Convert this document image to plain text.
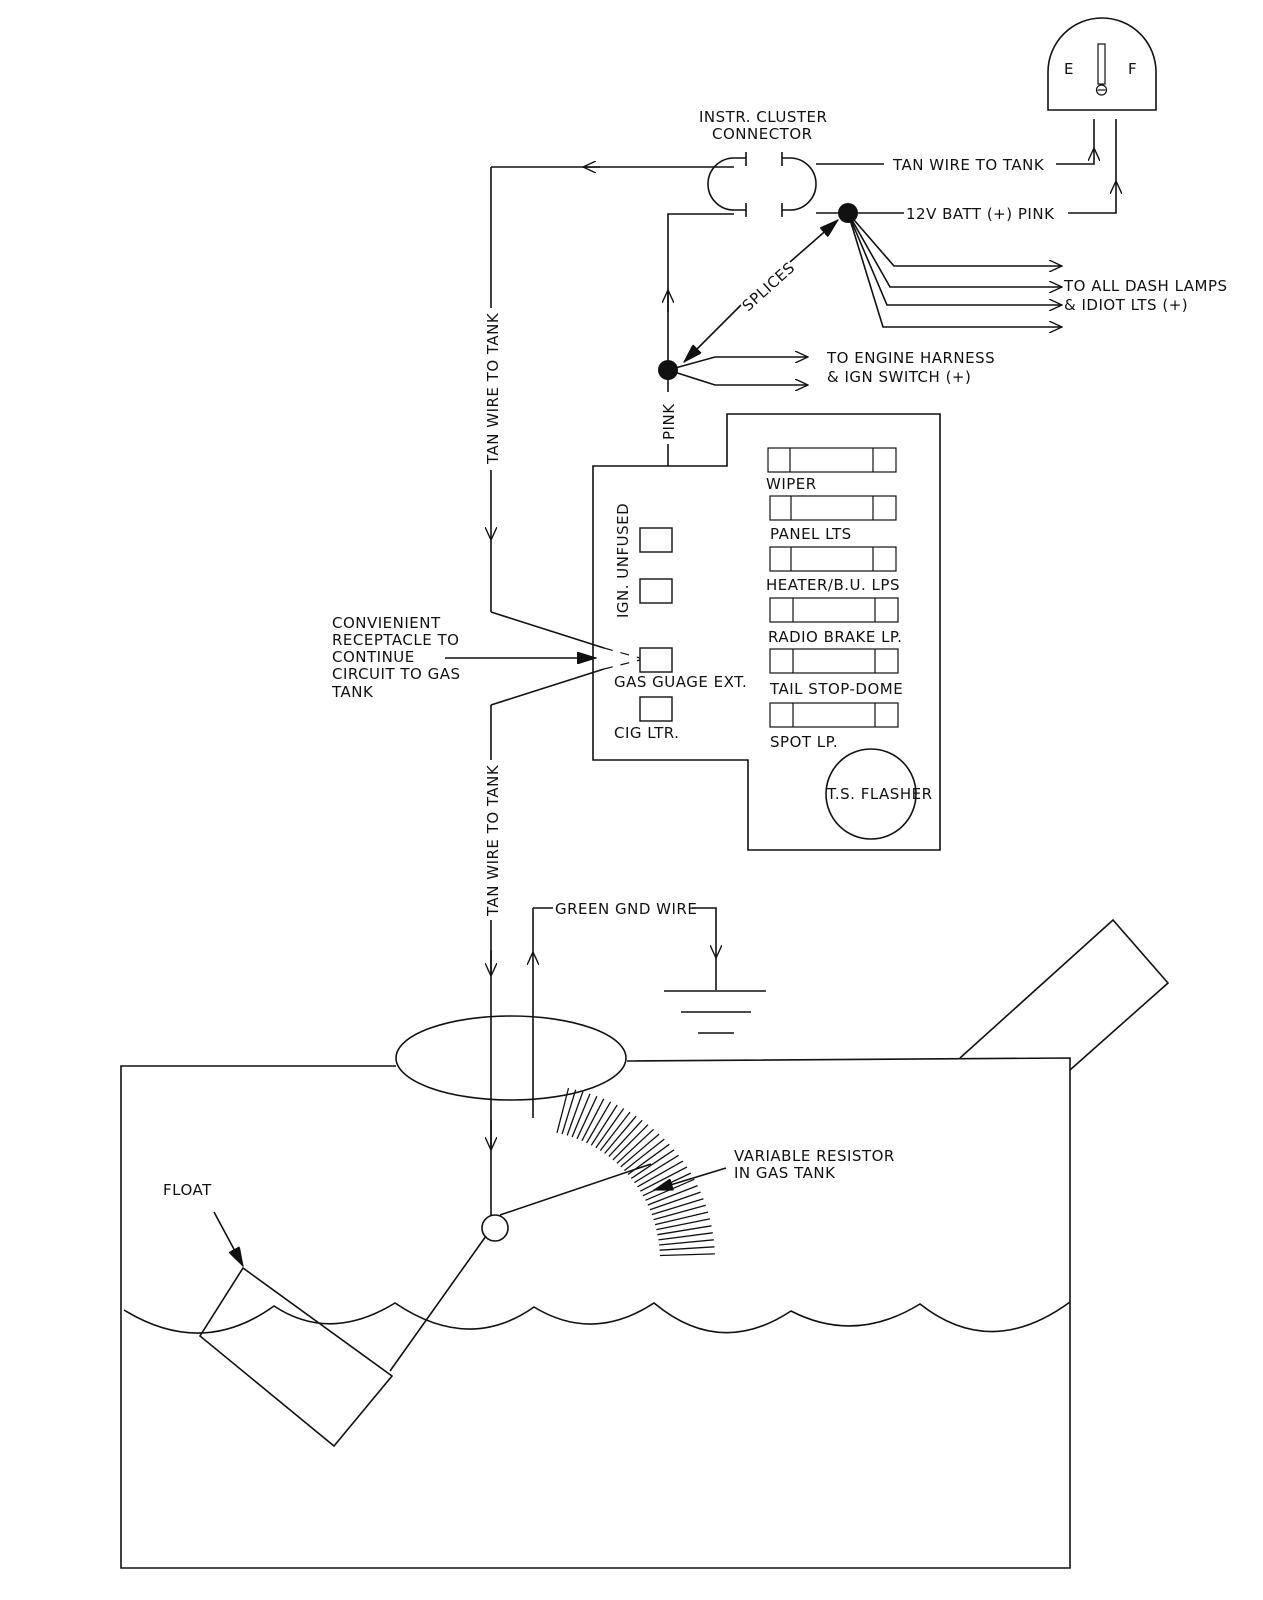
E	F
INSTR. CLUSTER
CONNECTOR
TAN WIRE TO TANK
12V BATT (+) PINK
TO ALL DASH LAMPS
& IDIOT LTS (+)
SPLICES
TO ENGINE HARNESS
& IGN SWITCH (+)
PINK
TAN WIRE TO TANK
TAN WIRE TO TANK
CONVIENIENT
RECEPTACLE TO
CONTINUE
CIRCUIT TO GAS
TANK
IGN. UNFUSED
GAS GUAGE EXT.
CIG LTR.
WIPER
PANEL LTS
HEATER/B.U. LPS
RADIO BRAKE LP.
TAIL STOP-DOME
SPOT LP.
T.S. FLASHER
GREEN GND WIRE
VARIABLE RESISTOR
IN GAS TANK
FLOAT
